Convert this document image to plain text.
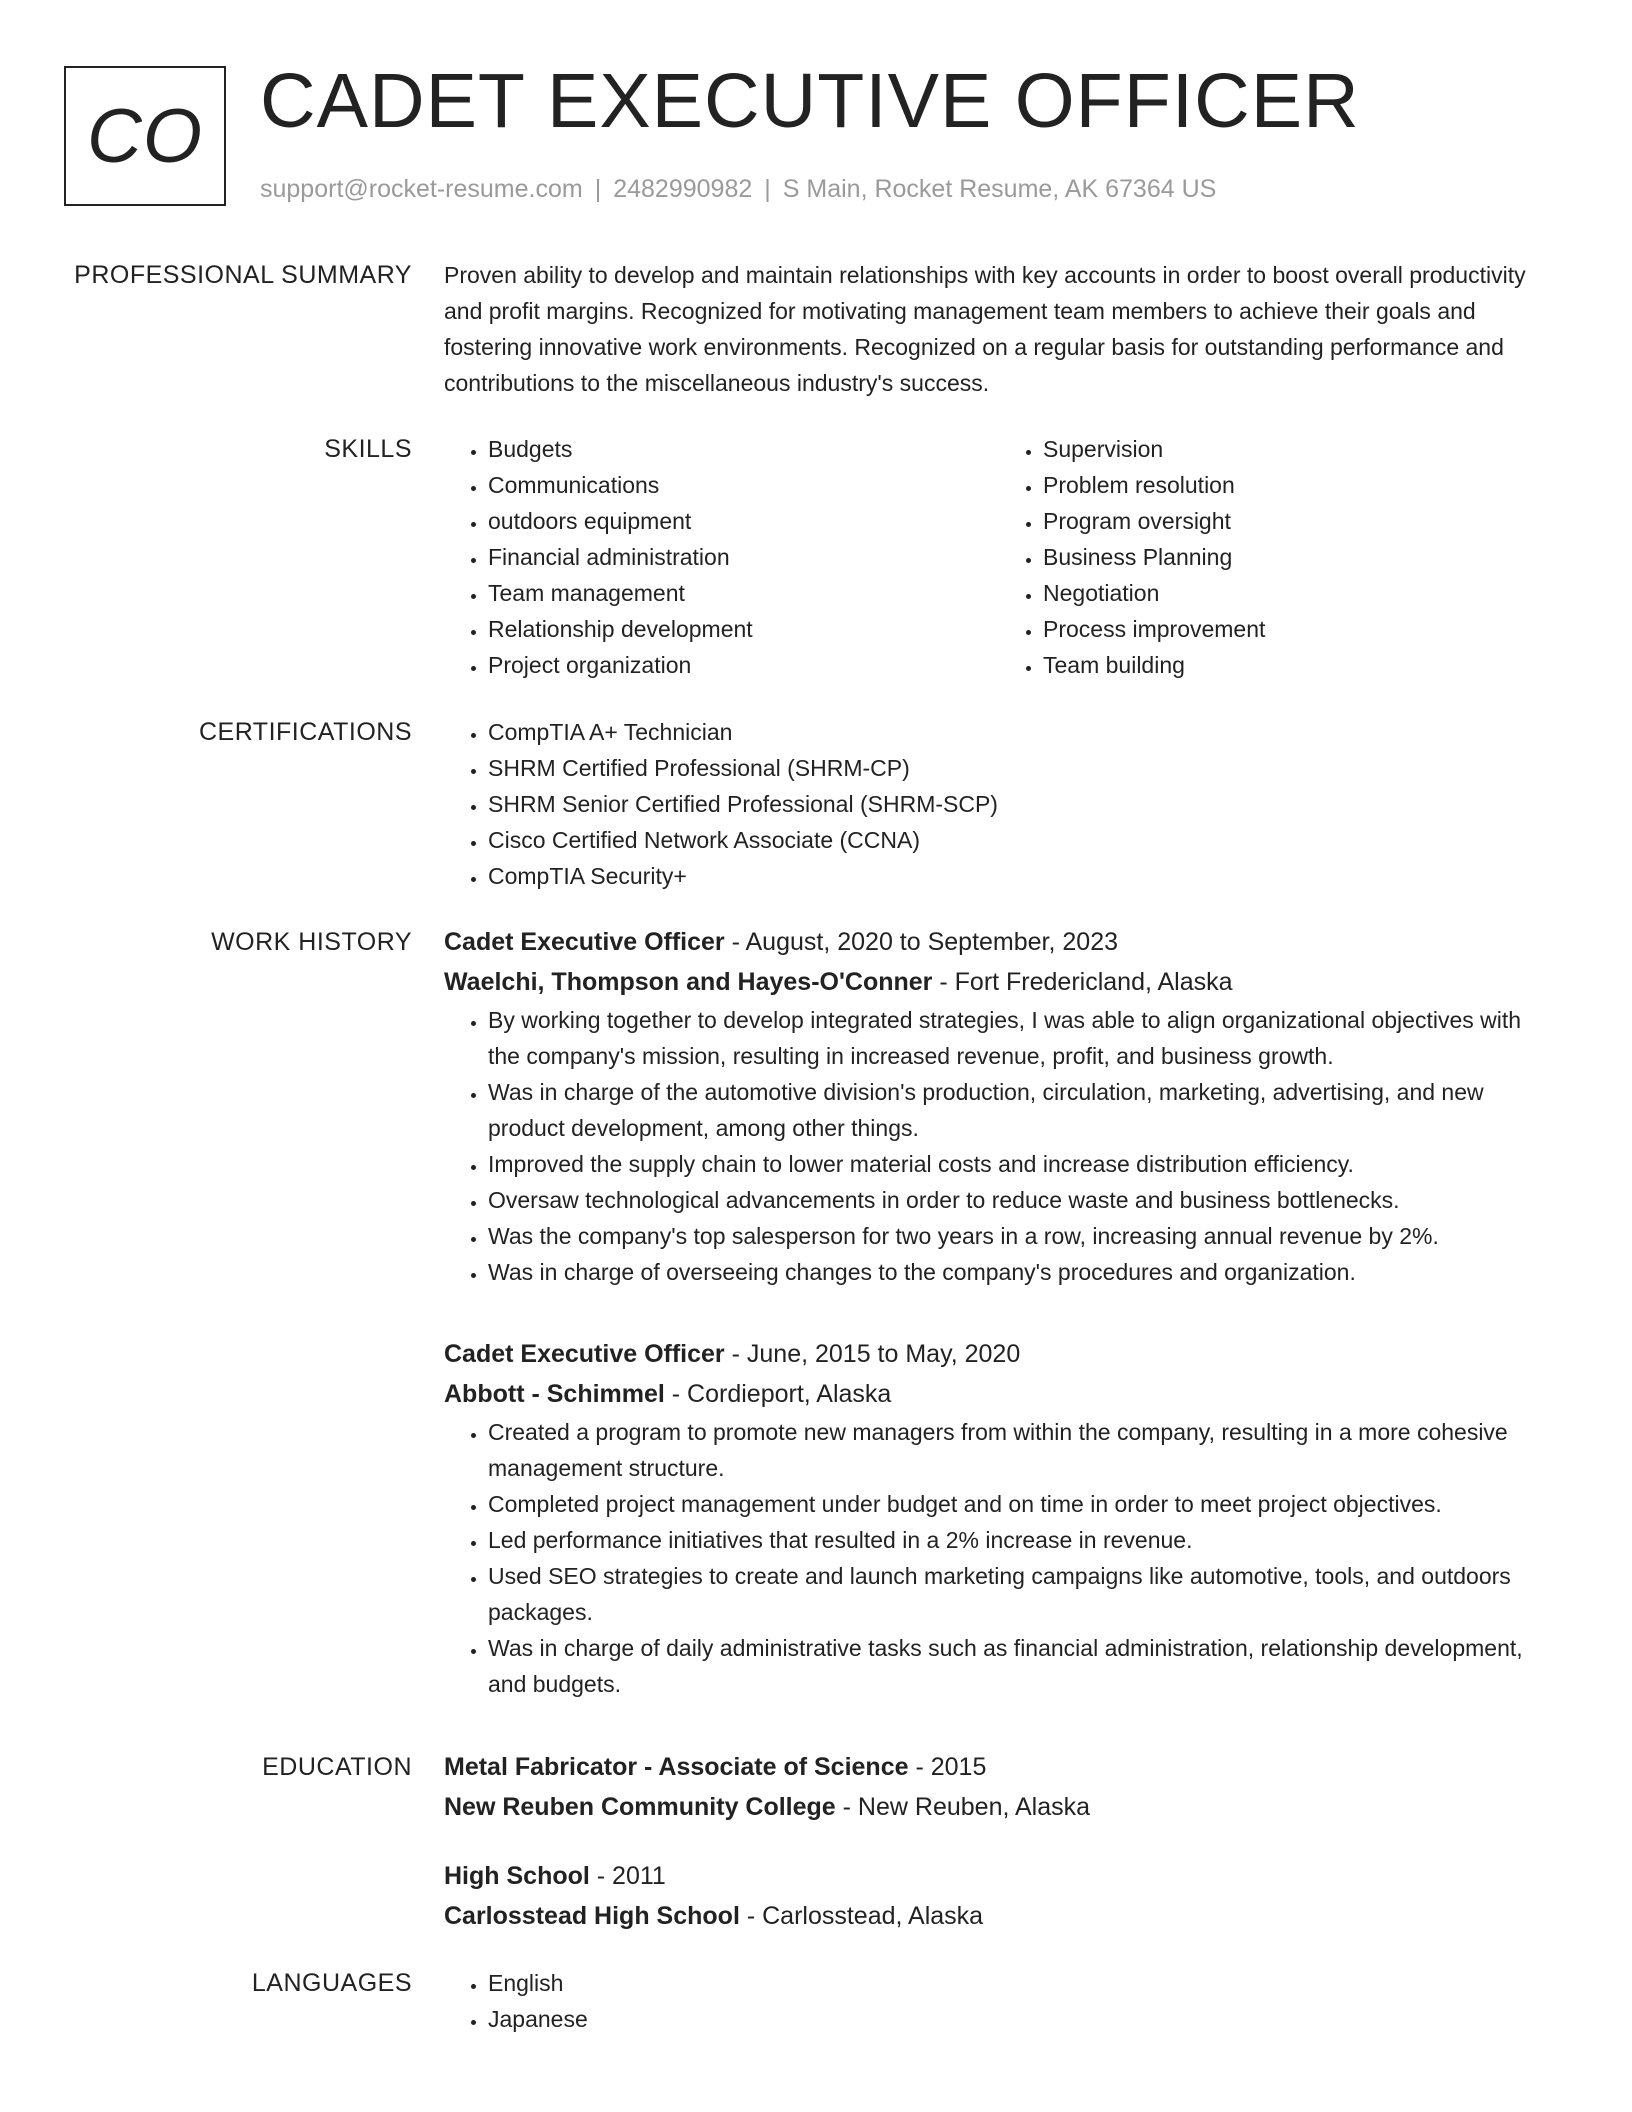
CO CADET EXECUTIVE OFFICER
support@rocket-resume.com | 2482990982 | S Main, Rocket Resume, AK 67364 US
PROFESSIONAL SUMMARY Proven ability to develop and maintain relationships with key accounts in order to boost overall productivity and profit margins. Recognized for motivating management team members to achieve their goals and fostering innovative work environments. Recognized on a regular basis for outstanding performance and contributions to the miscellaneous industry's success.

SKILLS	• Budgets
• Communications
• outdoors equipment
• Financial administration
• Team management
• Relationship development
• Project organization
• Supervision
• Problem resolution
• Program oversight
• Business Planning
• Negotiation
• Process improvement
• Team building
CERTIFICATIONS	• CompTIA A+ Technician
• SHRM Certified Professional (SHRM-CP)
• SHRM Senior Certified Professional (SHRM-SCP)
• Cisco Certified Network Associate (CCNA)
• CompTIA Security+
WORK HISTORY Cadet Executive Officer - August, 2020 to September, 2023
Waelchi, Thompson and Hayes-O'Conner - Fort Fredericland, Alaska
• By working together to develop integrated strategies, I was able to align organizational objectives with the company's mission, resulting in increased revenue, profit, and business growth.
• Was in charge of the automotive division's production, circulation, marketing, advertising, and new product development, among other things.
• Improved the supply chain to lower material costs and increase distribution efficiency.
• Oversaw technological advancements in order to reduce waste and business bottlenecks.
• Was the company's top salesperson for two years in a row, increasing annual revenue by 2%.
• Was in charge of overseeing changes to the company's procedures and organization.
Cadet Executive Officer - June, 2015 to May, 2020
Abbott - Schimmel - Cordieport, Alaska
• Created a program to promote new managers from within the company, resulting in a more cohesive management structure.
• Completed project management under budget and on time in order to meet project objectives.
• Led performance initiatives that resulted in a 2% increase in revenue.
• Used SEO strategies to create and launch marketing campaigns like automotive, tools, and outdoors packages.
• Was in charge of daily administrative tasks such as financial administration, relationship development, and budgets.
EDUCATION Metal Fabricator - Associate of Science - 2015
New Reuben Community College - New Reuben, Alaska
High School - 2011
Carlosstead High School - Carlosstead, Alaska
LANGUAGES	• English
• Japanese
